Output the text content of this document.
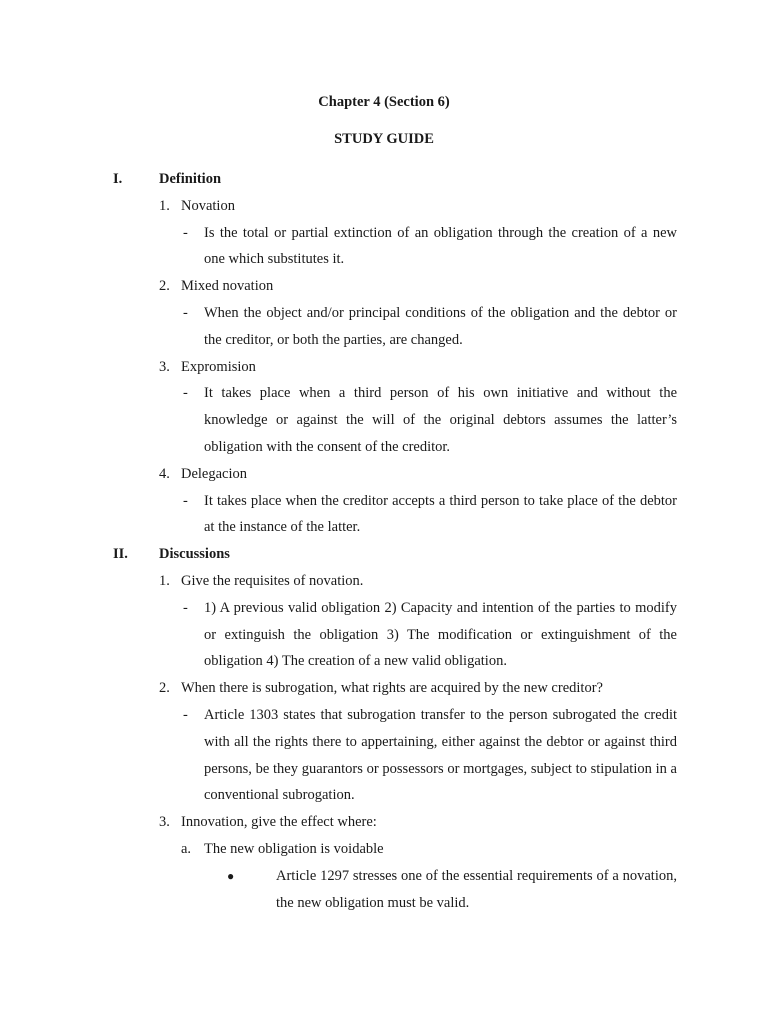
Chapter 4 (Section 6)
STUDY GUIDE
I.	Definition
1. Novation
- Is the total or partial extinction of an obligation through the creation of a new one which substitutes it.
2. Mixed novation
- When the object and/or principal conditions of the obligation and the debtor or the creditor, or both the parties, are changed.
3. Expromision
- It takes place when a third person of his own initiative and without the knowledge or against the will of the original debtors assumes the latter’s obligation with the consent of the creditor.
4. Delegacion
- It takes place when the creditor accepts a third person to take place of the debtor at the instance of the latter.
II. Discussions
1. Give the requisites of novation.
- 1) A previous valid obligation 2) Capacity and intention of the parties to modify or extinguish the obligation 3) The modification or extinguishment of the obligation 4) The creation of a new valid obligation.
2. When there is subrogation, what rights are acquired by the new creditor?
- Article 1303 states that subrogation transfer to the person subrogated the credit with all the rights there to appertaining, either against the debtor or against third persons, be they guarantors or possessors or mortgages, subject to stipulation in a conventional subrogation.
3. Innovation, give the effect where:
a. The new obligation is voidable
●	Article 1297 stresses one of the essential requirements of a novation, the new obligation must be valid.
